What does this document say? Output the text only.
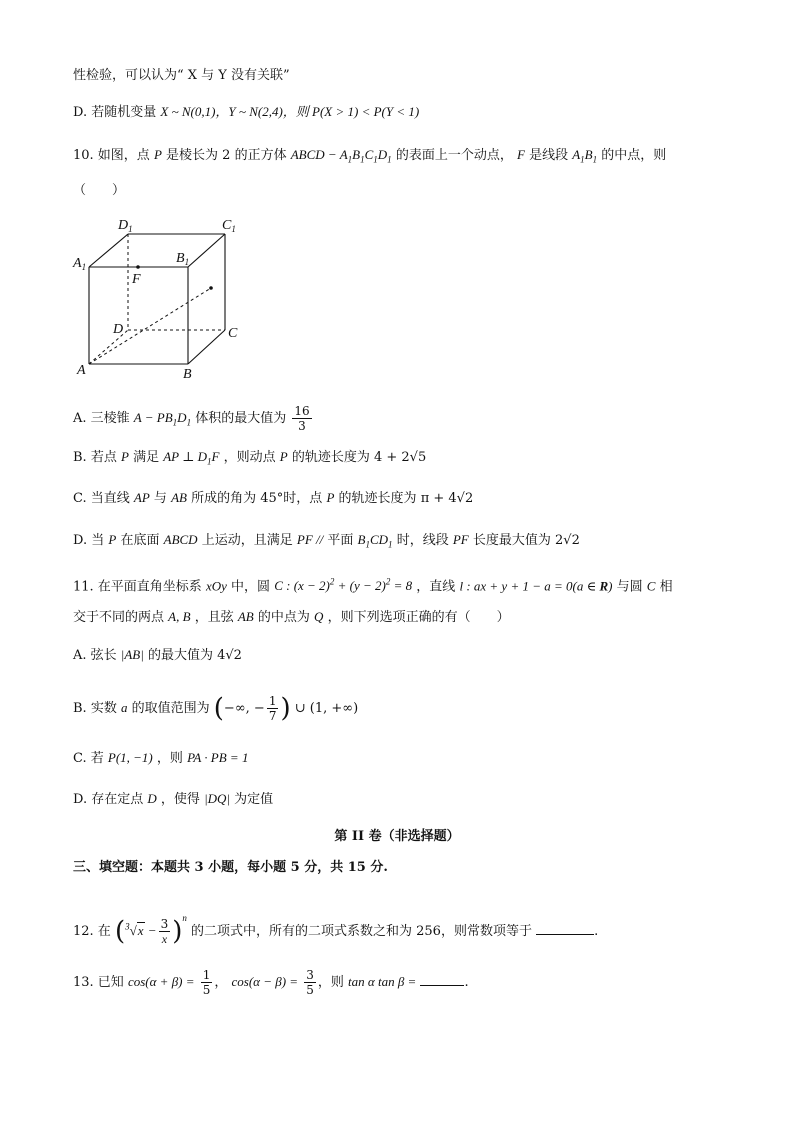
性检验，可以认为“ X 与 Y 没有关联”
D. 若随机变量 X ~ N(0,1)，Y ~ N(2,4)，则 P(X > 1) < P(Y < 1)
10. 如图，点 P 是棱长为 2 的正方体 ABCD − $A_1B_1C_1D_1$ 的表面上一个动点， F 是线段 $A_1B_1$ 的中点，则
（　　）
$D_1$	$C_1$
$A_1$
$B_1$
F
D	C
A	B
A. 三棱锥 $A - PB_1D_1$ 体积的最大值为 $\frac{16}{3}$
B. 若点 P 满足 AP ⊥ $D_1F$ ，则动点 P 的轨迹长度为 4 + 2√5
C. 当直线 AP 与 AB 所成的角为 45°时，点 P 的轨迹长度为 π + 4√2
D. 当 P 在底面 ABCD 上运动，且满足 PF // 平面 $B_1CD_1$ 时，线段 PF 长度最大值为 2√2
11. 在平面直角坐标系 xOy 中，圆 C : $(x - 2)^2 + (y - 2)^2 = 8$ ，直线 l : ax + y + 1 − a = 0(a ∈ R) 与圆 C 相
交于不同的两点 A, B ，且弦 AB 的中点为 Q ，则下列选项正确的有（　　）
A. 弦长 |AB| 的最大值为 4√2
B. 实数 a 的取值范围为 (−∞, − $\frac{1}{7}$ ) ∪ (1, +∞)
C. 若 P(1, −1) ，则 PA · PB = 1
D. 存在定点 D ，使得 |DQ| 为定值
第 II 卷（非选择题）
三、填空题：本题共 3 小题，每小题 5 分，共 15 分.
12. 在 $(^3√x - \frac{3}{x} )^n$ 的二项式中，所有的二项式系数之和为 256，则常数项等于	.
13. 已知 $\cos(\alpha + \beta) = \frac{1}{5}$ ， $\cos(\alpha - \beta) = \frac{3}{5}$ ，则 tan α tan β =	.
